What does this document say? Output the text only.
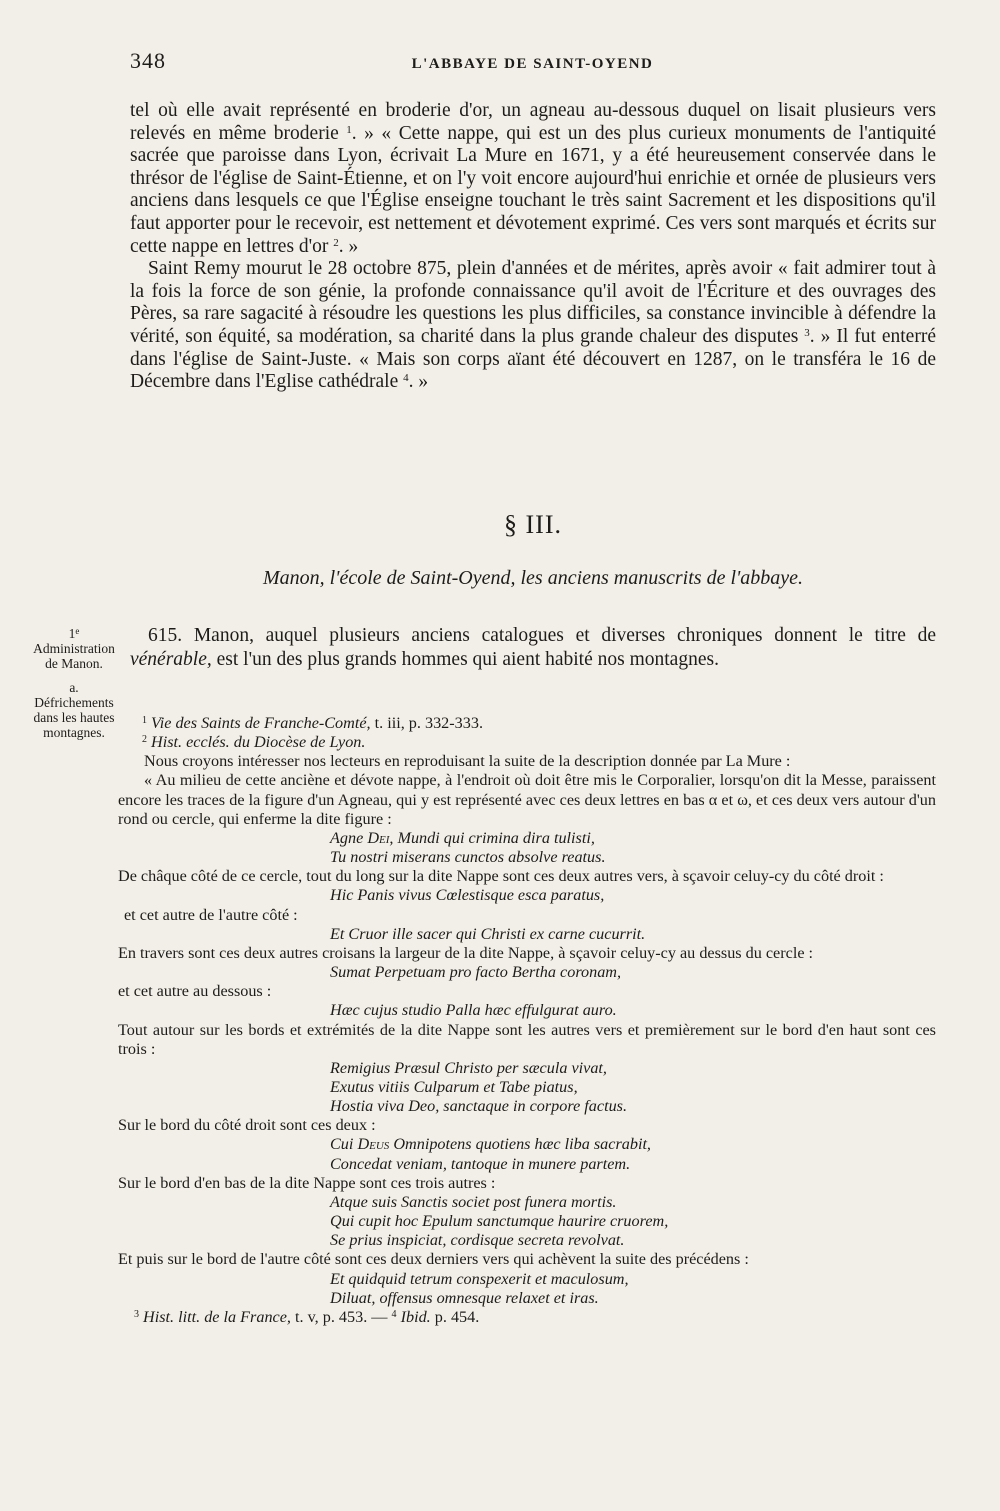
348	L'ABBAYE DE SAINT-OYEND

tel où elle avait représenté en broderie d'or, un agneau au-dessous duquel on lisait plusieurs vers relevés en même broderie $^1$. » « Cette nappe, qui est un des plus curieux monuments de l'antiquité sacrée que paroisse dans Lyon, écrivait La Mure en 1671, y a été heureusement conservée dans le thrésor de l'église de Saint-Étienne, et on l'y voit encore aujourd'hui enrichie et ornée de plusieurs vers anciens dans lesquels ce que l'Église enseigne touchant le très saint Sacrement et les dispositions qu'il faut apporter pour le recevoir, est nettement et dévotement exprimé. Ces vers sont marqués et écrits sur cette nappe en lettres d'or $^2$. »

Saint Remy mourut le 28 octobre 875, plein d'années et de mérites, après avoir « fait admirer tout à la fois la force de son génie, la profonde connaissance qu'il avoit de l'Écriture et des ouvrages des Pères, sa rare sagacité à résoudre les questions les plus difficiles, sa constance invincible à défendre la vérité, son équité, sa modération, sa charité dans la plus grande chaleur des disputes $^3$. » Il fut enterré dans l'église de Saint-Juste. « Mais son corps aïant été découvert en 1287, on le transféra le 16 de Décembre dans l'Eglise cathédrale $^4$. »

§ III.
Manon, l'école de Saint-Oyend, les anciens manuscrits de l'abbaye.
1e Administration de Manon.
a. Défrichements dans les hautes montagnes.

615. Manon, auquel plusieurs anciens catalogues et diverses chroniques donnent le titre de vénérable, est l'un des plus grands hommes qui aient habité nos montagnes.

$^1$ Vie des Saints de Franche-Comté, t. iii, p. 332-333.

$^2$ Hist. ecclés. du Diocèse de Lyon.

Nous croyons intéresser nos lecteurs en reproduisant la suite de la description donnée par La Mure :

« Au milieu de cette anciène et dévote nappe, à l'endroit où doit être mis le Corporalier, lorsqu'on dit la Messe, paraissent encore les traces de la figure d'un Agneau, qui y est représenté avec ces deux lettres en bas α et ω, et ces deux vers autour d'un rond ou cercle, qui enferme la dite figure :

Agne Dei, Mundi qui crimina dira tulisti,

Tu nostri miserans cunctos absolve reatus.

De châque côté de ce cercle, tout du long sur la dite Nappe sont ces deux autres vers, à sçavoir celuy-cy du côté droit :

Hic Panis vivus Cœlestisque esca paratus,

et cet autre de l'autre côté :

Et Cruor ille sacer qui Christi ex carne cucurrit.

En travers sont ces deux autres croisans la largeur de la dite Nappe, à sçavoir celuy-cy au dessus du cercle :

Sumat Perpetuam pro facto Bertha coronam,

et cet autre au dessous :

Hæc cujus studio Palla hæc effulgurat auro.

Tout autour sur les bords et extrémités de la dite Nappe sont les autres vers et premièrement sur le bord d'en haut sont ces trois :

Remigius Præsul Christo per sæcula vivat,

Exutus vitiis Culparum et Tabe piatus,

Hostia viva Deo, sanctaque in corpore factus.

Sur le bord du côté droit sont ces deux :

Cui Deus Omnipotens quotiens hæc liba sacrabit,

Concedat veniam, tantoque in munere partem.

Sur le bord d'en bas de la dite Nappe sont ces trois autres :

Atque suis Sanctis societ post funera mortis.

Qui cupit hoc Epulum sanctumque haurire cruorem,

Se prius inspiciat, cordisque secreta revolvat.

Et puis sur le bord de l'autre côté sont ces deux derniers vers qui achèvent la suite des précédens :

Et quidquid tetrum conspexerit et maculosum,

Diluat, offensus omnesque relaxet et iras.

$^3$ Hist. litt. de la France, t. v, p. 453. — $^4$ Ibid. p. 454.
